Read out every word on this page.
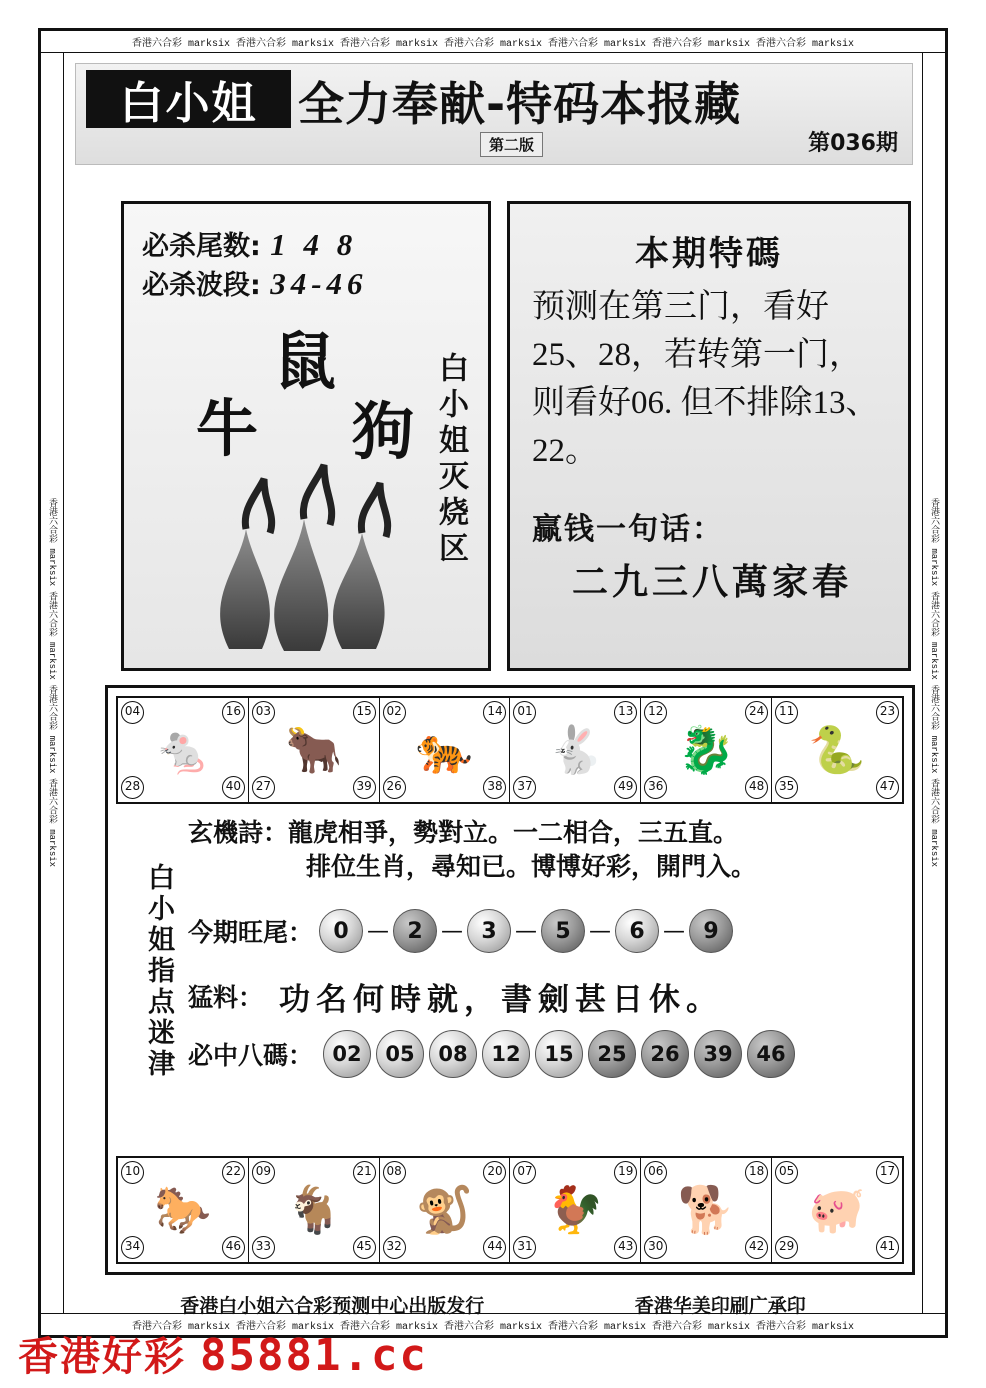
香港六合彩 marksix 香港六合彩 marksix 香港六合彩 marksix 香港六合彩 marksix 香港六合彩 marksix 香港六合彩 marksix 香港六合彩 marksix
香港六合彩 marksix 香港六合彩 marksix 香港六合彩 marksix 香港六合彩 marksix 香港六合彩 marksix 香港六合彩 marksix 香港六合彩 marksix
香港六合彩 marksix 香港六合彩 marksix 香港六合彩 marksix 香港六合彩 marksix	香港六合彩 marksix 香港六合彩 marksix 香港六合彩 marksix 香港六合彩 marksix
白小姐 全力奉献-特码本报藏
第二版	第036期

必杀尾数: 1 4 8

必杀波段: 34-46

鼠
牛 狗 白小姐灭烧区
本期特碼
预测在第三门，看好25、28，若转第一门，则看好06. 但不排除13、22。
赢钱一句话：
二九三八萬家春
🐁
04	16
28	40
🐂
03	15
27	39
🐅
02	14
26	38
🐇
01	13
37	49
🐉
12	24
36	48
🐍
11	23
35	47
白小姐指点迷津
玄機詩：龍虎相爭，勢對立。一二相合，三五直。
排位生肖，尋知已。博博好彩，開門入。
今期旺尾： 0 — 2 — 3 — 5 — 6 — 9
猛料： 功名何時就，書劍甚日休。
必中八碼： 02	05	08	12	15	25	26	39	46
🐎
10	22
34	46
🐐
09	21
33	45
🐒
08	20
32	44
🐓
07	19
31	43
🐕
06	18
30	42
🐖
05	17
29	41
香港白小姐六合彩预测中心出版发行	香港华美印刷广承印
香港好彩 85881.cc
